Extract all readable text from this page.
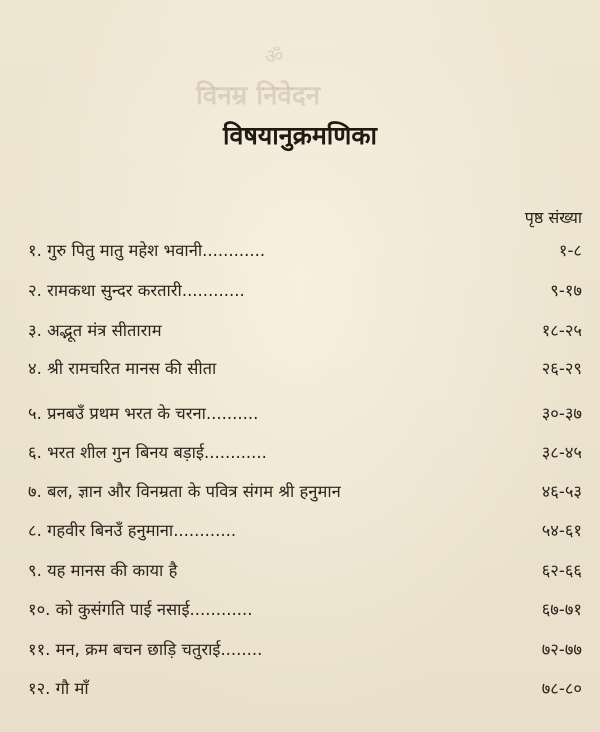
ॐ
विनम्र निवेदन
विषयानुक्रमणिका
पृष्ठ संख्या
१. गुरु पितु मातु महेश भवानी............	१-८
२. रामकथा सुन्दर करतारी............	९-१७
३. अद्भूत मंत्र सीताराम	१८-२५
४. श्री रामचरित मानस की सीता	२६-२९
५. प्रनबउँ प्रथम भरत के चरना..........	३०-३७
६. भरत शील गुन बिनय बड़ाई............	३८-४५
७. बल, ज्ञान और विनम्रता के पवित्र संगम श्री हनुमान	४६-५३
८. गहवीर बिनउँ हनुमाना............	५४-६१
९. यह मानस की काया है	६२-६६
१०. को कुसंगति पाई नसाई............	६७-७१
११. मन, क्रम बचन छाड़ि चतुराई........	७२-७७
१२. गौ माँ	७८-८०
